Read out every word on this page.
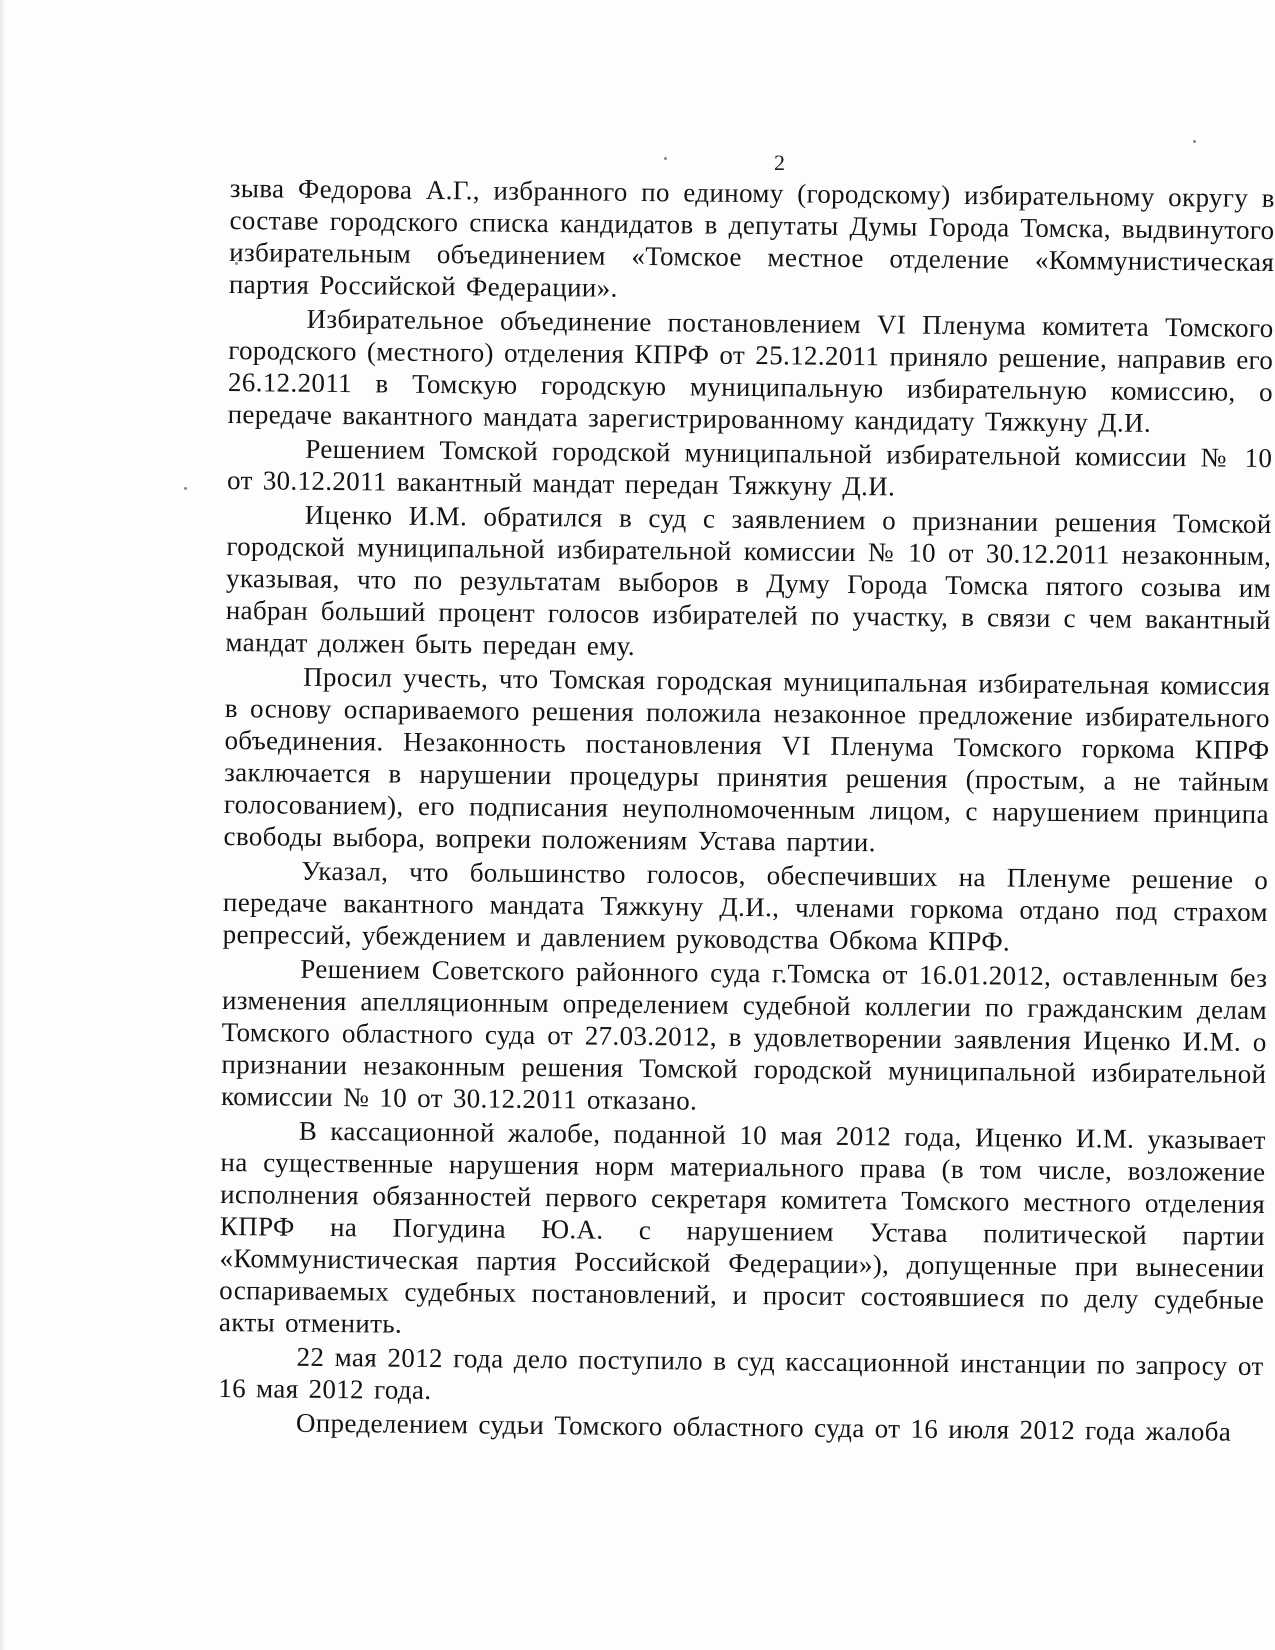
2

зыва Федорова А.Г., избранного по единому (городскому) избирательному округу в составе городского списка кандидатов в депутаты Думы Города Томска, выдвинутого избирательным объединением «Томское местное отделение «Коммунистическая партия Российской Федерации».

Избирательное объединение постановлением VI Пленума комитета Томского городского (местного) отделения КПРФ от 25.12.2011 приняло решение, направив его 26.12.2011 в Томскую городскую муниципальную избирательную комиссию, о передаче вакантного мандата зарегистрированному кандидату Тяжкуну Д.И.

Решением Томской городской муниципальной избирательной комиссии № 10 от 30.12.2011 вакантный мандат передан Тяжкуну Д.И.

Иценко И.М. обратился в суд с заявлением о признании решения Томской городской муниципальной избирательной комиссии № 10 от 30.12.2011 незаконным, указывая, что по результатам выборов в Думу Города Томска пятого созыва им набран больший процент голосов избирателей по участку, в связи с чем вакантный мандат должен быть передан ему.

Просил учесть, что Томская городская муниципальная избирательная комиссия в основу оспариваемого решения положила незаконное предложение избирательного объединения. Незаконность постановления VI Пленума Томского горкома КПРФ заключается в нарушении процедуры принятия решения (простым, а не тайным голосованием), его подписания неуполномоченным лицом, с нарушением принципа свободы выбора, вопреки положениям Устава партии.

Указал, что большинство голосов, обеспечивших на Пленуме решение о передаче вакантного мандата Тяжкуну Д.И., членами горкома отдано под страхом репрессий, убеждением и давлением руководства Обкома КПРФ.

Решением Советского районного суда г.Томска от 16.01.2012, оставленным без изменения апелляционным определением судебной коллегии по гражданским делам Томского областного суда от 27.03.2012, в удовлетворении заявления Иценко И.М. о признании незаконным решения Томской городской муниципальной избирательной комиссии № 10 от 30.12.2011 отказано.

В кассационной жалобе, поданной 10 мая 2012 года, Иценко И.М. указывает на существенные нарушения норм материального права (в том числе, возложение исполнения обязанностей первого секретаря комитета Томского местного отделения КПРФ на Погудина Ю.А. с нарушением Устава политической партии «Коммунистическая партия Российской Федерации»), допущенные при вынесении оспариваемых судебных постановлений, и просит состоявшиеся по делу судебные акты отменить.

22 мая 2012 года дело поступило в суд кассационной инстанции по запросу от 16 мая 2012 года.

Определением судьи Томского областного суда от 16 июля 2012 года жалоба
